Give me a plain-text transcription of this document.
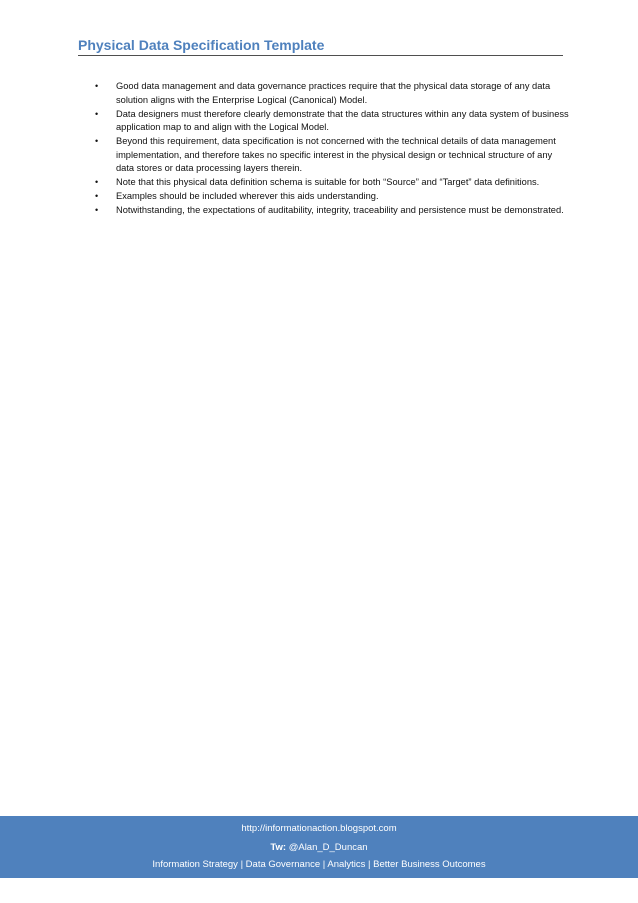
Physical Data Specification Template
• Good data management and data governance practices require that the physical data storage of any data solution aligns with the Enterprise Logical (Canonical) Model.
• Data designers must therefore clearly demonstrate that the data structures within any data system of business application map to and align with the Logical Model.
• Beyond this requirement, data specification is not concerned with the technical details of data management implementation, and therefore takes no specific interest in the physical design or technical structure of any data stores or data processing layers therein.
• Note that this physical data definition schema is suitable for both “Source” and “Target” data definitions.
• Examples should be included wherever this aids understanding.
• Notwithstanding, the expectations of auditability, integrity, traceability and persistence must be demonstrated.
http://informationaction.blogspot.com
Tw: @Alan_D_Duncan
Information Strategy | Data Governance | Analytics | Better Business Outcomes
